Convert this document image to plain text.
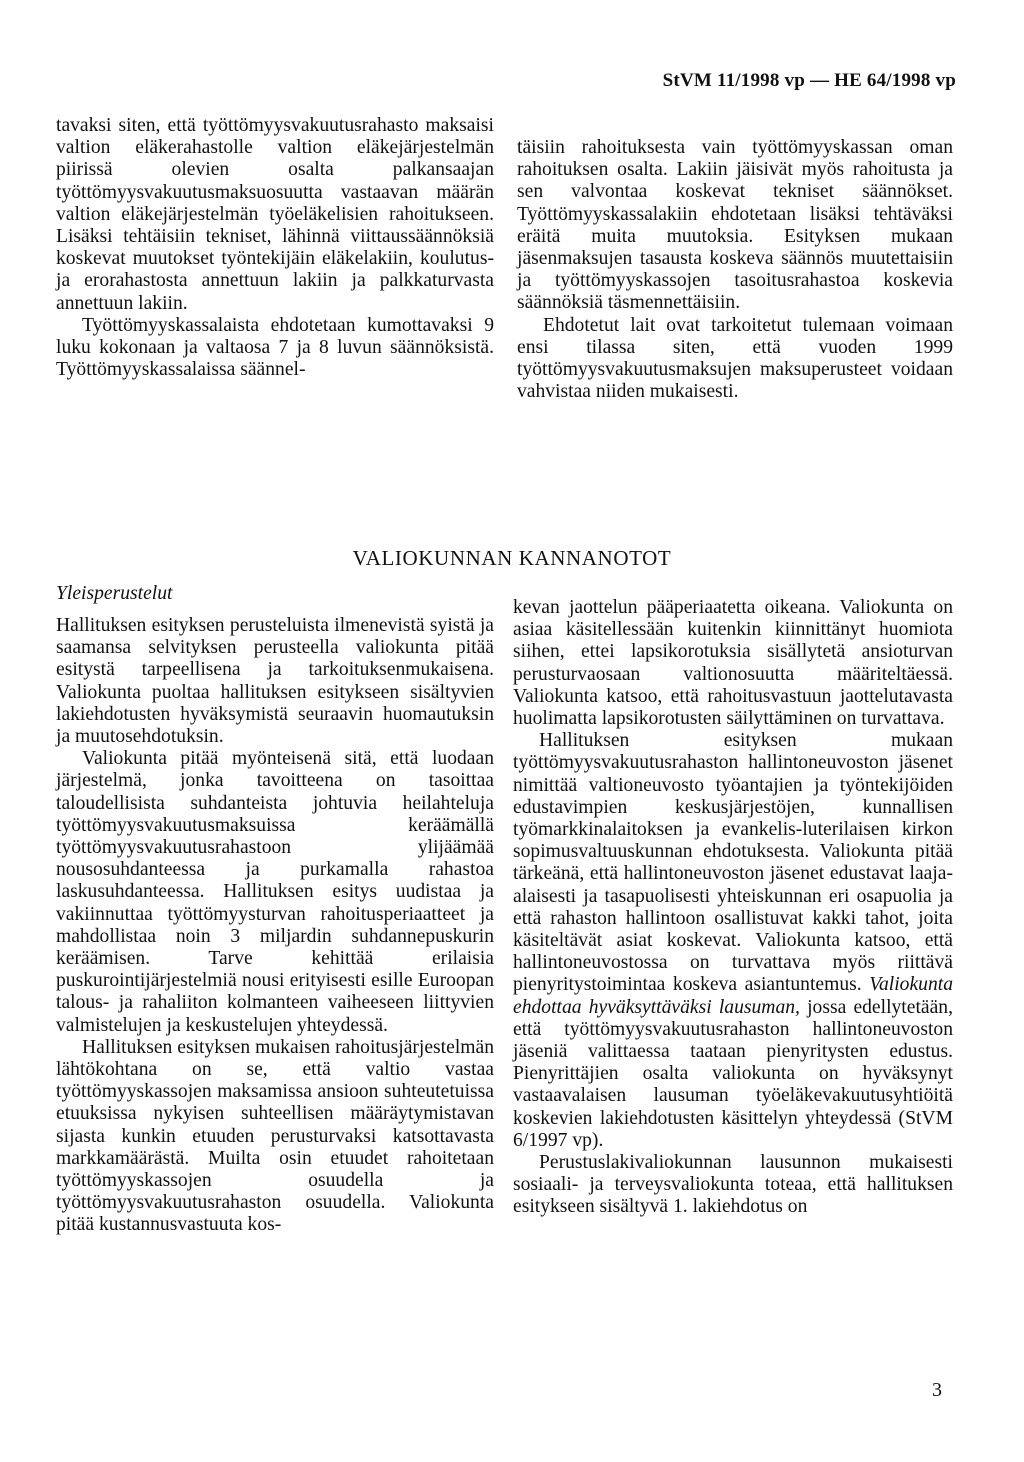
StVM 11/1998 vp — HE 64/1998 vp

tavaksi siten, että työttömyysvakuutusrahasto maksaisi valtion eläkerahastolle valtion eläkejärjestelmän piirissä olevien osalta palkansaajan työttömyysvakuutusmaksuosuutta vastaavan määrän valtion eläkejärjestelmän työeläkelisien rahoitukseen. Lisäksi tehtäisiin tekniset, lähinnä viittaussäännöksiä koskevat muutokset työntekijäin eläkelakiin, koulutus- ja erorahastosta annettuun lakiin ja palkkaturvasta annettuun lakiin.

Työttömyyskassalaista ehdotetaan kumottavaksi 9 luku kokonaan ja valtaosa 7 ja 8 luvun säännöksistä. Työttömyyskassalaissa säännel-

täisiin rahoituksesta vain työttömyyskassan oman rahoituksen osalta. Lakiin jäisivät myös rahoitusta ja sen valvontaa koskevat tekniset säännökset. Työttömyyskassalakiin ehdotetaan lisäksi tehtäväksi eräitä muita muutoksia. Esityksen mukaan jäsenmaksujen tasausta koskeva säännös muutettaisiin ja työttömyyskassojen tasoitusrahastoa koskevia säännöksiä täsmennettäisiin.

Ehdotetut lait ovat tarkoitetut tulemaan voimaan ensi tilassa siten, että vuoden 1999 työttömyysvakuutusmaksujen maksuperusteet voidaan vahvistaa niiden mukaisesti.

VALIOKUNNAN KANNANOTOT

Yleisperustelut

Hallituksen esityksen perusteluista ilmenevistä syistä ja saamansa selvityksen perusteella valiokunta pitää esitystä tarpeellisena ja tarkoituksenmukaisena. Valiokunta puoltaa hallituksen esitykseen sisältyvien lakiehdotusten hyväksymistä seuraavin huomautuksin ja muutosehdotuksin.

Valiokunta pitää myönteisenä sitä, että luodaan järjestelmä, jonka tavoitteena on tasoittaa taloudellisista suhdanteista johtuvia heilahteluja työttömyysvakuutusmaksuissa keräämällä työttömyysvakuutusrahastoon ylijäämää nousosuhdanteessa ja purkamalla rahastoa laskusuhdanteessa. Hallituksen esitys uudistaa ja vakiinnuttaa työttömyysturvan rahoitusperiaatteet ja mahdollistaa noin 3 miljardin suhdannepuskurin keräämisen. Tarve kehittää erilaisia puskurointijärjestelmiä nousi erityisesti esille Euroopan talous- ja rahaliiton kolmanteen vaiheeseen liittyvien valmistelujen ja keskustelujen yhteydessä.

Hallituksen esityksen mukaisen rahoitusjärjestelmän lähtökohtana on se, että valtio vastaa työttömyyskassojen maksamissa ansioon suhteutetuissa etuuksissa nykyisen suhteellisen määräytymistavan sijasta kunkin etuuden perusturvaksi katsottavasta markkamäärästä. Muilta osin etuudet rahoitetaan työttömyyskassojen osuudella ja työttömyysvakuutusrahaston osuudella. Valiokunta pitää kustannusvastuuta kos-

kevan jaottelun pääperiaatetta oikeana. Valiokunta on asiaa käsitellessään kuitenkin kiinnittänyt huomiota siihen, ettei lapsikorotuksia sisällytetä ansioturvan perusturvaosaan valtionosuutta määriteltäessä. Valiokunta katsoo, että rahoitusvastuun jaottelutavasta huolimatta lapsikorotusten säilyttäminen on turvattava.

Hallituksen esityksen mukaan työttömyysvakuutusrahaston hallintoneuvoston jäsenet nimittää valtioneuvosto työantajien ja työntekijöiden edustavimpien keskusjärjestöjen, kunnallisen työmarkkinalaitoksen ja evankelis-luterilaisen kirkon sopimusvaltuuskunnan ehdotuksesta. Valiokunta pitää tärkeänä, että hallintoneuvoston jäsenet edustavat laaja-alaisesti ja tasapuolisesti yhteiskunnan eri osapuolia ja että rahaston hallintoon osallistuvat kakki tahot, joita käsiteltävät asiat koskevat. Valiokunta katsoo, että hallintoneuvostossa on turvattava myös riittävä pienyritystoimintaa koskeva asiantuntemus. Valiokunta ehdottaa hyväksyttäväksi lausuman, jossa edellytetään, että työttömyysvakuutusrahaston hallintoneuvoston jäseniä valittaessa taataan pienyritysten edustus. Pienyrittäjien osalta valiokunta on hyväksynyt vastaavalaisen lausuman työeläkevakuutusyhtiöitä koskevien lakiehdotusten käsittelyn yhteydessä (StVM 6/1997 vp).

Perustuslakivaliokunnan lausunnon mukaisesti sosiaali- ja terveysvaliokunta toteaa, että hallituksen esitykseen sisältyvä 1. lakiehdotus on

3
